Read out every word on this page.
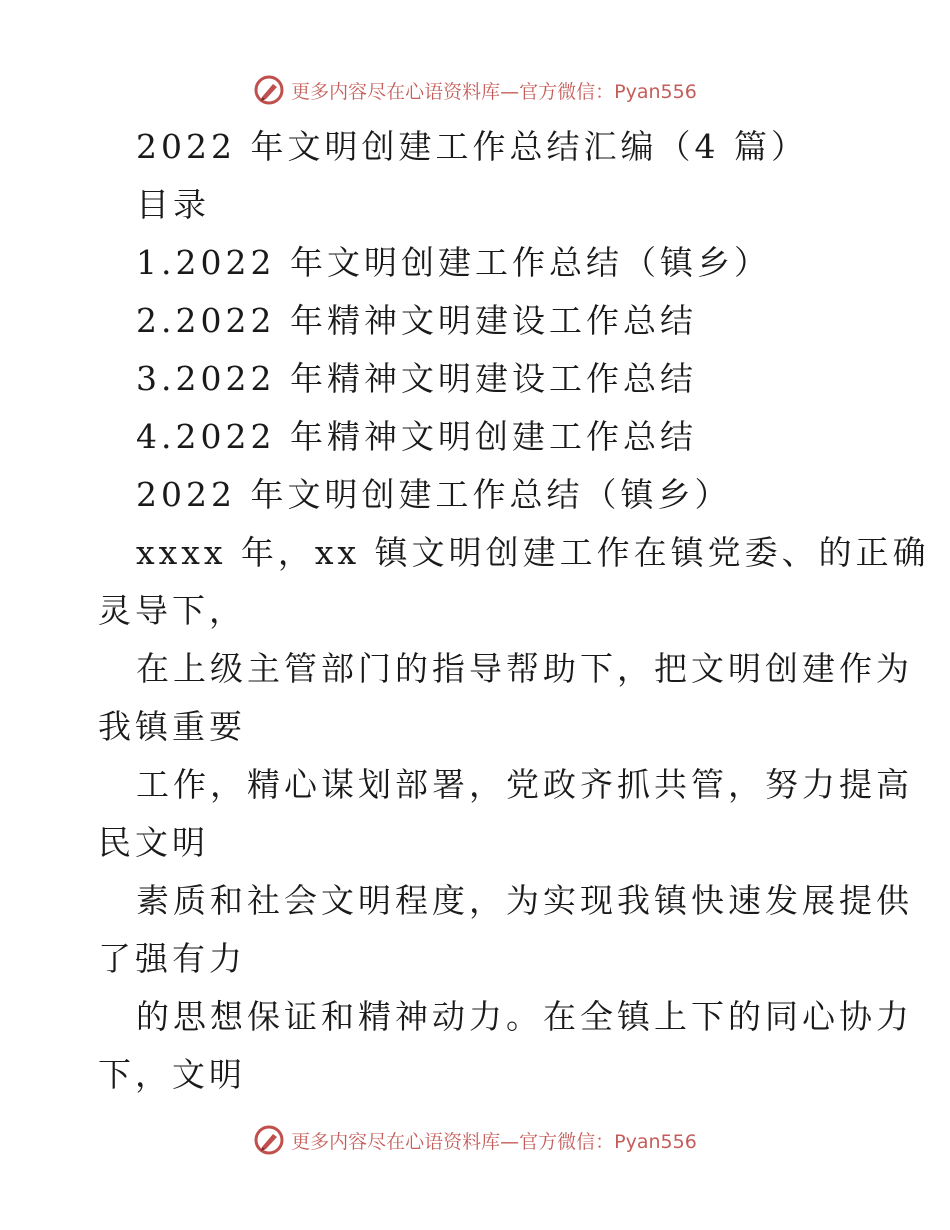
更多内容尽在心语资料库—官方微信：Pyan556
2022 年文明创建工作总结汇编（4 篇）
目录
1.2022 年文明创建工作总结（镇乡）
2.2022 年精神文明建设工作总结
3.2022 年精神文明建设工作总结
4.2022 年精神文明创建工作总结
2022 年文明创建工作总结（镇乡）
xxxx 年，xx 镇文明创建工作在镇党委、的正确
灵导下，
在上级主管部门的指导帮助下，把文明创建作为
我镇重要
工作，精心谋划部署，党政齐抓共管，努力提高
民文明
素质和社会文明程度，为实现我镇快速发展提供
了强有力
的思想保证和精神动力。在全镇上下的同心协力
下，文明
更多内容尽在心语资料库—官方微信：Pyan556
